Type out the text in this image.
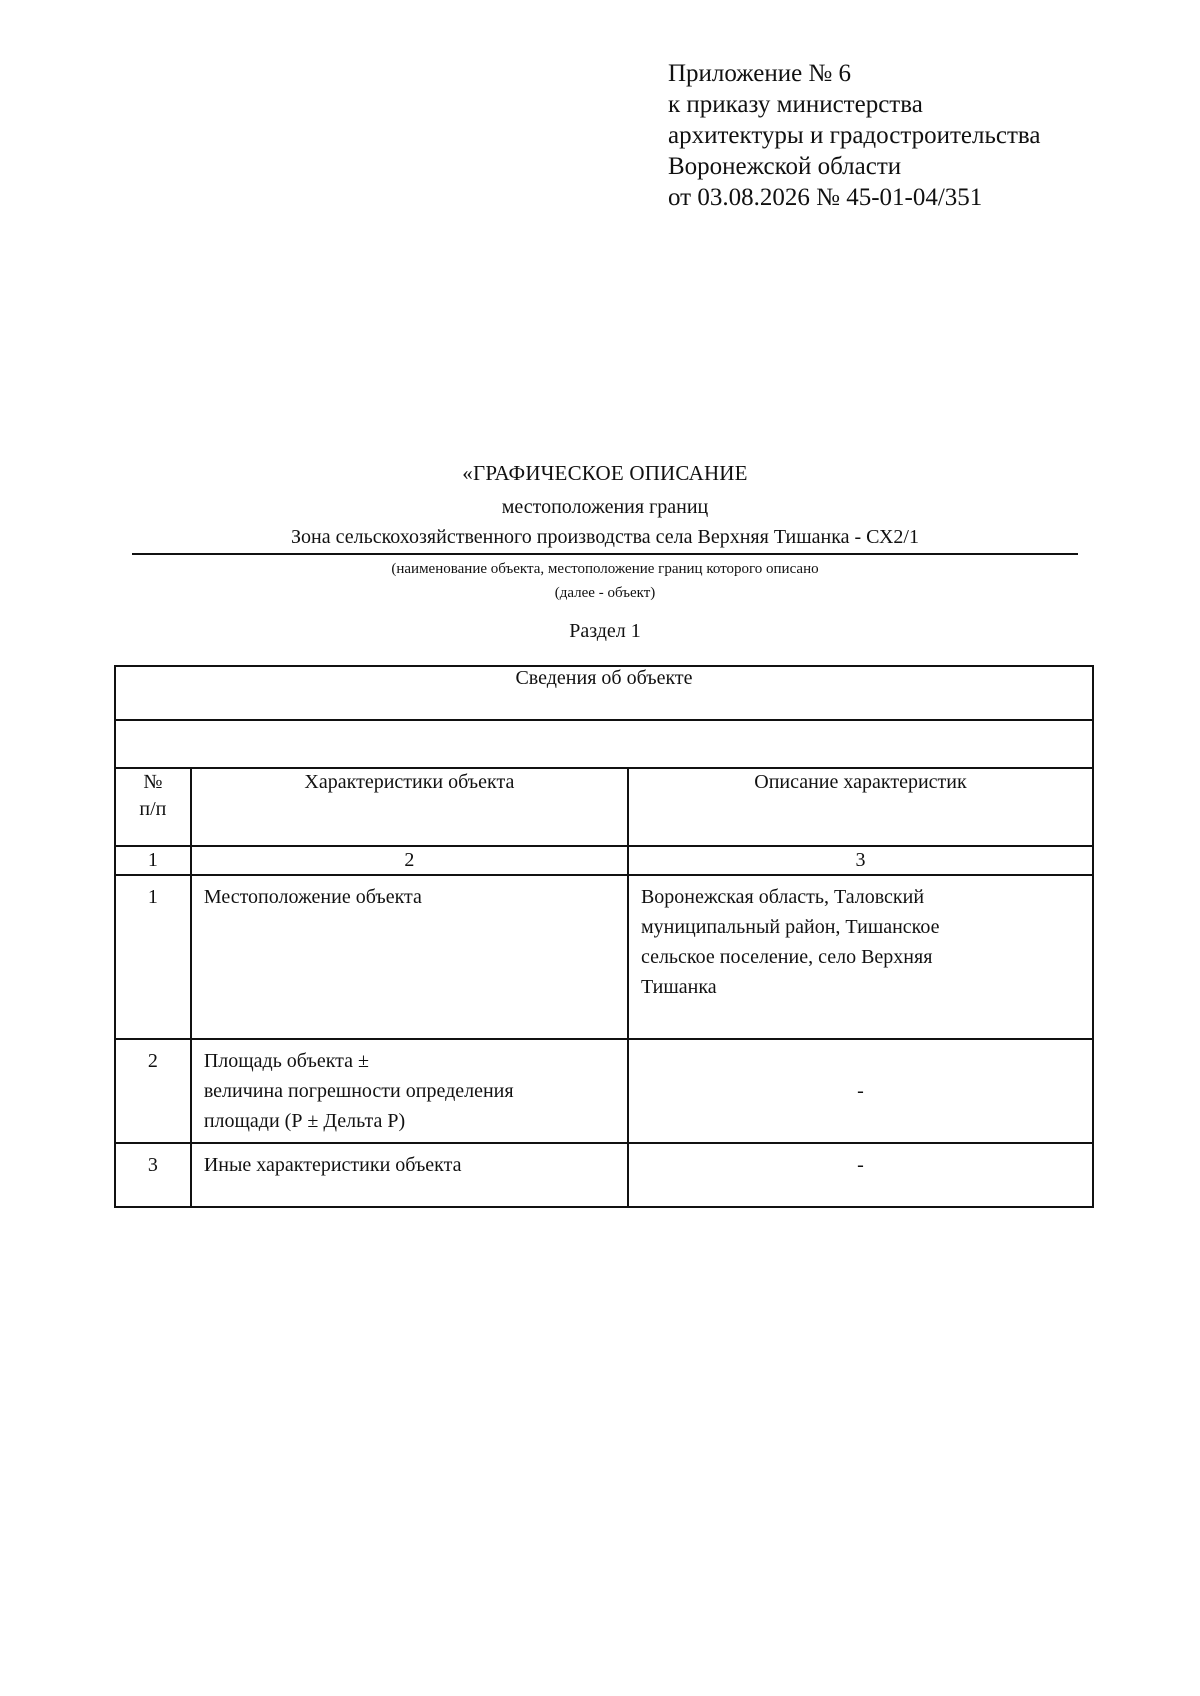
Приложение № 6
к приказу министерства
архитектуры и градостроительства
Воронежской области
от 03.08.2026 № 45-01-04/351
«ГРАФИЧЕСКОЕ ОПИСАНИЕ
местоположения границ
Зона сельскохозяйственного производства села Верхняя Тишанка - СХ2/1
(наименование объекта, местоположение границ которого описано
(далее - объект)
Раздел 1
Сведения об объекте		

№
п/п	Характеристики объекта	Описание характеристик
1	2	3
1	Местоположение объекта	Воронежская область, Таловский
муниципальный район, Тишанское
сельское поселение, село Верхняя
Тишанка

2	Площадь объекта ±
величина погрешности определения
площади (Р ± Дельта Р)	-
3	Иные характеристики объекта	-
